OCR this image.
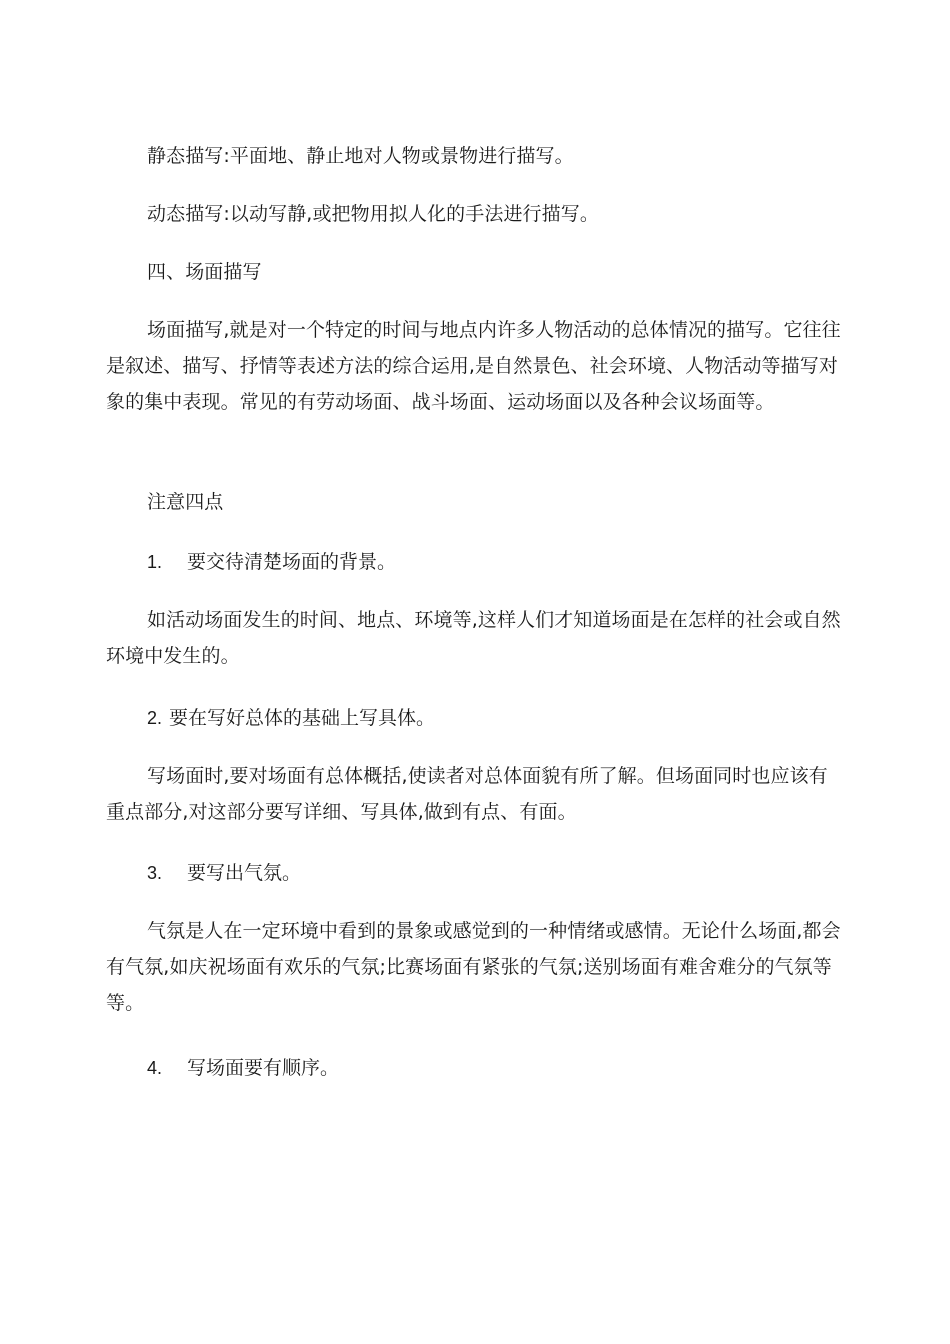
静态描写:平面地、静止地对人物或景物进行描写。

动态描写:以动写静,或把物用拟人化的手法进行描写。

四、场面描写

场面描写,就是对一个特定的时间与地点内许多人物活动的总体情况的描写。它往往是叙述、描写、抒情等表述方法的综合运用,是自然景色、社会环境、人物活动等描写对象的集中表现。常见的有劳动场面、战斗场面、运动场面以及各种会议场面等。

注意四点

1. 要交待清楚场面的背景。

如活动场面发生的时间、地点、环境等,这样人们才知道场面是在怎样的社会或自然环境中发生的。

2. 要在写好总体的基础上写具体。

写场面时,要对场面有总体概括,使读者对总体面貌有所了解。但场面同时也应该有重点部分,对这部分要写详细、写具体,做到有点、有面。

3. 要写出气氛。

气氛是人在一定环境中看到的景象或感觉到的一种情绪或感情。无论什么场面,都会有气氛,如庆祝场面有欢乐的气氛;比赛场面有紧张的气氛;送别场面有难舍难分的气氛等等。

4. 写场面要有顺序。
